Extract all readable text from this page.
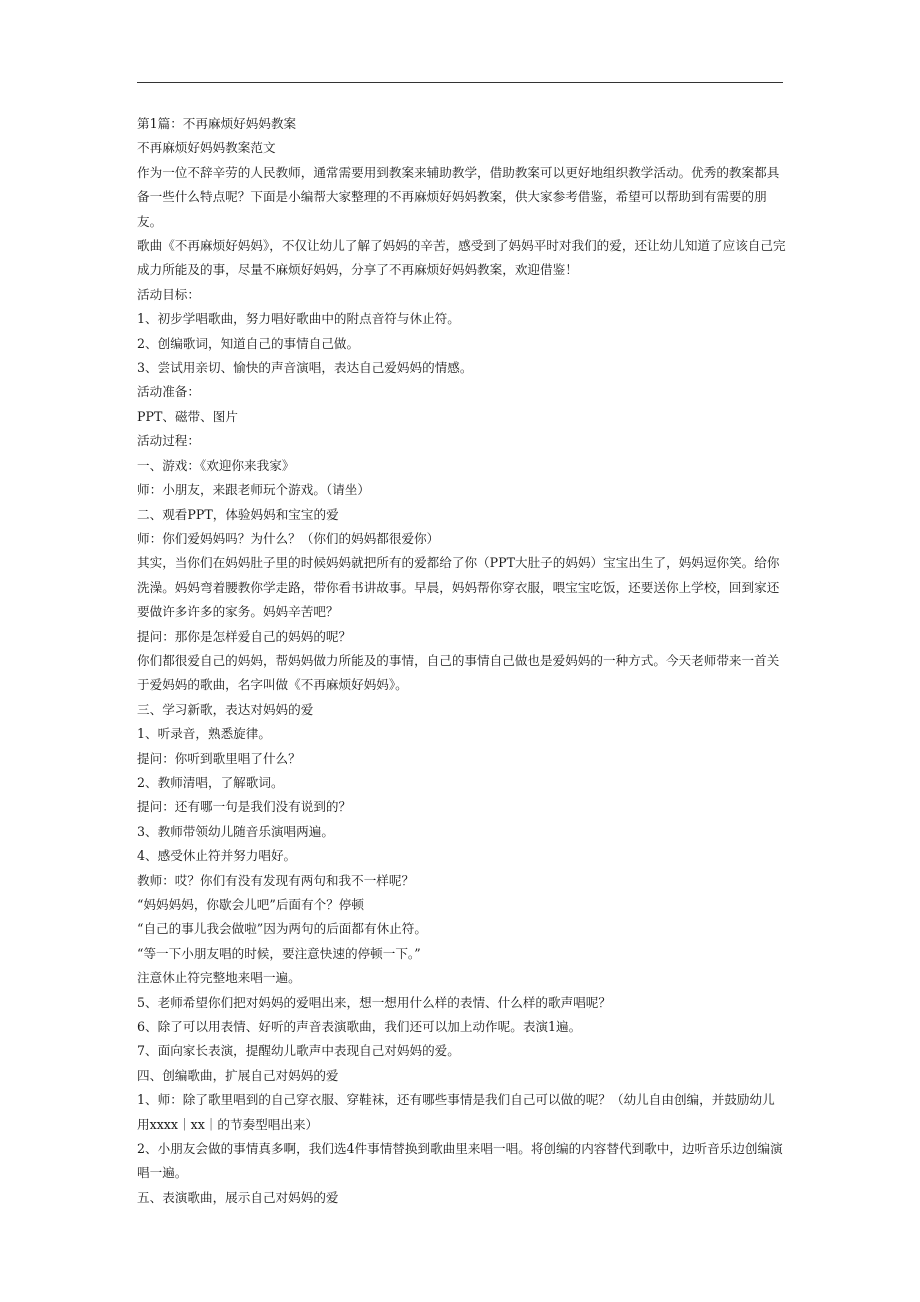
第1篇：不再麻烦好妈妈教案
不再麻烦好妈妈教案范文
作为一位不辞辛劳的人民教师，通常需要用到教案来辅助教学，借助教案可以更好地组织教学活动。优秀的教案都具备一些什么特点呢？下面是小编帮大家整理的不再麻烦好妈妈教案，供大家参考借鉴，希望可以帮助到有需要的朋友。
歌曲《不再麻烦好妈妈》，不仅让幼儿了解了妈妈的辛苦，感受到了妈妈平时对我们的爱，还让幼儿知道了应该自己完成力所能及的事，尽量不麻烦好妈妈，分享了不再麻烦好妈妈教案，欢迎借鉴！
活动目标：
1、初步学唱歌曲，努力唱好歌曲中的附点音符与休止符。
2、创编歌词，知道自己的事情自己做。
3、尝试用亲切、愉快的声音演唱，表达自己爱妈妈的情感。
活动准备：
PPT、磁带、图片
活动过程：
一、游戏：《欢迎你来我家》
师：小朋友，来跟老师玩个游戏。（请坐）
二、观看PPT，体验妈妈和宝宝的爱
师：你们爱妈妈吗？为什么？（你们的妈妈都很爱你）
其实，当你们在妈妈肚子里的时候妈妈就把所有的爱都给了你（PPT大肚子的妈妈）宝宝出生了，妈妈逗你笑。给你洗澡。妈妈弯着腰教你学走路，带你看书讲故事。早晨，妈妈帮你穿衣服，喂宝宝吃饭，还要送你上学校，回到家还要做许多许多的家务。妈妈辛苦吧？
提问：那你是怎样爱自己的妈妈的呢？
你们都很爱自己的妈妈，帮妈妈做力所能及的事情，自己的事情自己做也是爱妈妈的一种方式。今天老师带来一首关于爱妈妈的歌曲，名字叫做《不再麻烦好妈妈》。
三、学习新歌，表达对妈妈的爱
1、听录音，熟悉旋律。
提问：你听到歌里唱了什么？
2、教师清唱，了解歌词。
提问：还有哪一句是我们没有说到的？
3、教师带领幼儿随音乐演唱两遍。
4、感受休止符并努力唱好。
教师：哎？你们有没有发现有两句和我不一样呢？
“妈妈妈妈，你歇会儿吧”后面有个？停顿
“自己的事儿我会做啦”因为两句的后面都有休止符。
“等一下小朋友唱的时候，要注意快速的停顿一下。”
注意休止符完整地来唱一遍。
5、老师希望你们把对妈妈的爱唱出来，想一想用什么样的表情、什么样的歌声唱呢？
6、除了可以用表情、好听的声音表演歌曲，我们还可以加上动作呢。表演1遍。
7、面向家长表演，提醒幼儿歌声中表现自己对妈妈的爱。
四、创编歌曲，扩展自己对妈妈的爱
1、师：除了歌里唱到的自己穿衣服、穿鞋袜，还有哪些事情是我们自己可以做的呢？（幼儿自由创编，并鼓励幼儿用xxxx｜xx｜的节奏型唱出来）
2、小朋友会做的事情真多啊，我们选4件事情替换到歌曲里来唱一唱。将创编的内容替代到歌中，边听音乐边创编演唱一遍。
五、表演歌曲，展示自己对妈妈的爱
